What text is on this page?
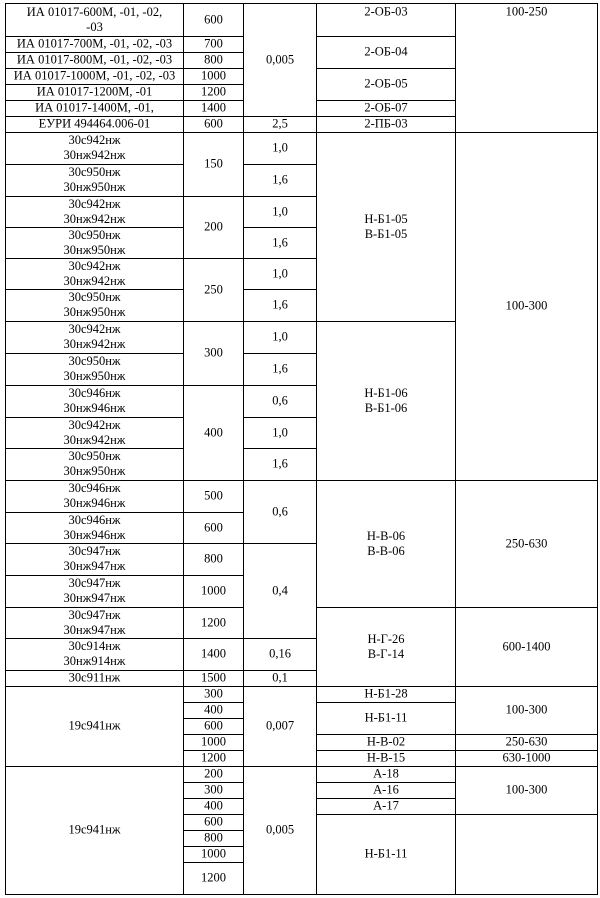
ИА 01017-600М, -01, -02,
-03
ИА 01017-700М, -01, -02, -03
ИА 01017-800М, -01, -02, -03
ИА 01017-1000М, -01, -02, -03
ИА 01017-1200М, -01
ИА 01017-1400М, -01,
ЕУРИ 494464.006-01
30с942нж
30нж942нж
30с950нж
30нж950нж
30с942нж
30нж942нж
30с950нж
30нж950нж
30с942нж
30нж942нж
30с950нж
30нж950нж
30с942нж
30нж942нж
30с950нж
30нж950нж
30с946нж
30нж946нж
30с942нж
30нж942нж
30с950нж
30нж950нж
30с946нж
30нж946нж
30с946нж
30нж946нж
30с947нж
30нж947нж
30с947нж
30нж947нж
30с947нж
30нж947нж
30с914нж
30нж914нж
30с911нж
19с941нж
19с941нж
600
700
800
1000
1200
1400
600
150
200
250
300
400
500
600
800
1000
1200
1400
1500
300
400
600
1000
1200
200
300
400
600
800
1000
1200
0,005
2,5
1,0
1,6
1,0
1,6
1,0
1,6
1,0
1,6
0,6
1,0
1,6
0,6
0,4
0,16
0,1
0,007
0,005
2-ОБ-03
2-ОБ-04
2-ОБ-05
2-ОБ-07
2-ПБ-03
Н-Б1-05
В-Б1-05
Н-Б1-06
В-Б1-06
Н-В-06
В-В-06
Н-Г-26
В-Г-14
Н-Б1-28
Н-Б1-11
Н-В-02
Н-В-15
А-18
А-16
А-17
Н-Б1-11
100-250
100-300
250-630
600-1400
100-300
250-630
630-1000
100-300
